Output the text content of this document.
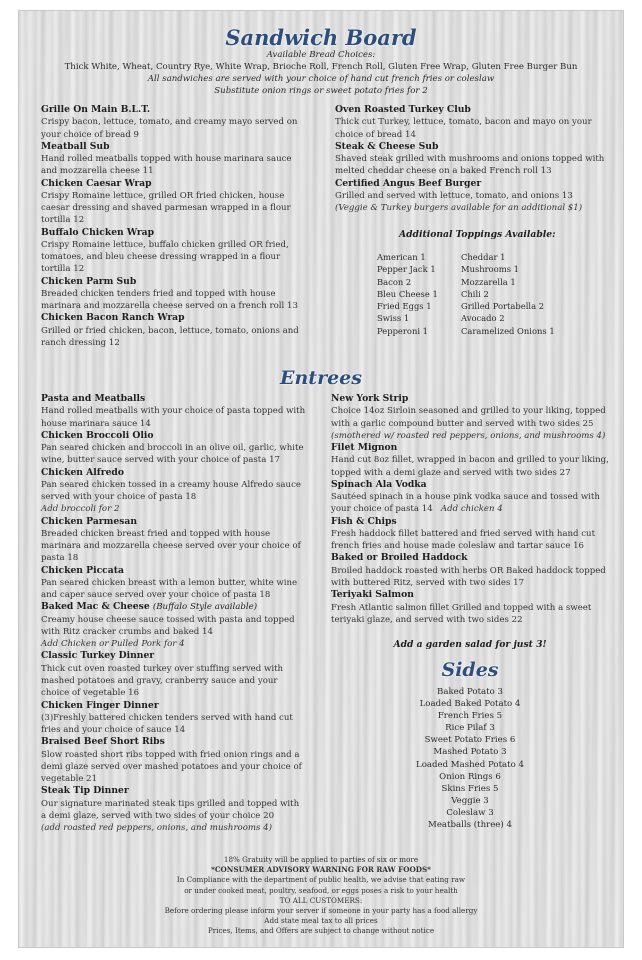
Sandwich Board
Available Bread Choices:
Thick White, Wheat, Country Rye, White Wrap, Brioche Roll, French Roll, Gluten Free Wrap, Gluten Free Burger Bun
All sandwiches are served with your choice of hand cut french fries or coleslaw
Substitute onion rings or sweet potato fries for 2
Grille On Main B.L.T.
Crispy bacon, lettuce, tomato, and creamy mayo served on your choice of bread 9
Meatball Sub
Hand rolled meatballs topped with house marinara sauce and mozzarella cheese 11
Chicken Caesar Wrap
Crispy Romaine lettuce, grilled OR fried chicken, house caesar dressing and shaved parmesan wrapped in a flour tortilla 12
Buffalo Chicken Wrap
Crispy Romaine lettuce, buffalo chicken grilled OR fried, tomatoes, and bleu cheese dressing wrapped in a flour tortilla 12
Chicken Parm Sub
Breaded chicken tenders fried and topped with house marinara and mozzarella cheese served on a french roll 13
Chicken Bacon Ranch Wrap
Grilled or fried chicken, bacon, lettuce, tomato, onions and ranch dressing 12
Oven Roasted Turkey Club
Thick cut Turkey, lettuce, tomato, bacon and mayo on your choice of bread 14
Steak & Cheese Sub
Shaved steak grilled with mushrooms and onions topped with melted cheddar cheese on a baked French roll 13
Certified Angus Beef Burger
Grilled and served with lettuce, tomato, and onions 13
(Veggie & Turkey burgers available for an additional $1)
Additional Toppings Available:
American 1	Cheddar 1
Pepper Jack 1	Mushrooms 1
Bacon 2	Mozzarella 1
Bleu Cheese 1	Chili 2
Fried Eggs 1	Grilled Portabella 2
Swiss 1	Avocado 2
Pepperoni 1	Caramelized Onions 1
Entrees
Pasta and Meatballs
Hand rolled meatballs with your choice of pasta topped with house marinara sauce 14
Chicken Broccoli Olio
Pan seared chicken and broccoli in an olive oil, garlic, white wine, butter sauce served with your choice of pasta 17
Chicken Alfredo
Pan seared chicken tossed in a creamy house Alfredo sauce served with your choice of pasta 18
Add broccoli for 2
Chicken Parmesan
Breaded chicken breast fried and topped with house marinara and mozzarella cheese served over your choice of pasta 18
Chicken Piccata
Pan seared chicken breast with a lemon butter, white wine and caper sauce served over your choice of pasta 18
Baked Mac & Cheese (Buffalo Style available)
Creamy house cheese sauce tossed with pasta and topped with Ritz cracker crumbs and baked 14
Add Chicken or Pulled Pork for 4
Classic Turkey Dinner
Thick cut oven roasted turkey over stuffing served with mashed potatoes and gravy, cranberry sauce and your choice of vegetable 16
Chicken Finger Dinner
(3)Freshly battered chicken tenders served with hand cut fries and your choice of sauce 14
Braised Beef Short Ribs
Slow roasted short ribs topped with fried onion rings and a demi glaze served over mashed potatoes and your choice of vegetable 21
Steak Tip Dinner
Our signature marinated steak tips grilled and topped with a demi glaze, served with two sides of your choice 20
(add roasted red peppers, onions, and mushrooms 4)
New York Strip
Choice 14oz Sirloin seasoned and grilled to your liking, topped with a garlic compound butter and served with two sides 25
(smothered w/ roasted red peppers, onions, and mushrooms 4)
Filet Mignon
Hand cut 8oz fillet, wrapped in bacon and grilled to your liking, topped with a demi glaze and served with two sides 27
Spinach Ala Vodka
Sautéed spinach in a house pink vodka sauce and tossed with your choice of pasta 14 Add chicken 4
Fish & Chips
Fresh haddock fillet battered and fried served with hand cut french fries and house made coleslaw and tartar sauce 16
Baked or Broiled Haddock
Broiled haddock roasted with herbs OR Baked haddock topped with buttered Ritz, served with two sides 17
Teriyaki Salmon
Fresh Atlantic salmon fillet Grilled and topped with a sweet teriyaki glaze, and served with two sides 22
Add a garden salad for just 3!
Sides
Baked Potato 3
Loaded Baked Potato 4
French Fries 5
Rice Pilaf 3
Sweet Potato Fries 6
Mashed Potato 3
Loaded Mashed Potato 4
Onion Rings 6
Skins Fries 5
Veggie 3
Coleslaw 3
Meatballs (three) 4
18% Gratuity will be applied to parties of six or more
*CONSUMER ADVISORY WARNING FOR RAW FOODS*
In Compliance with the department of public health, we advise that eating raw
or under cooked meat, poultry, seafood, or eggs poses a risk to your health
TO ALL CUSTOMERS:
Before ordering please inform your server if someone in your party has a food allergy
Add state meal tax to all prices
Prices, Items, and Offers are subject to change without notice
